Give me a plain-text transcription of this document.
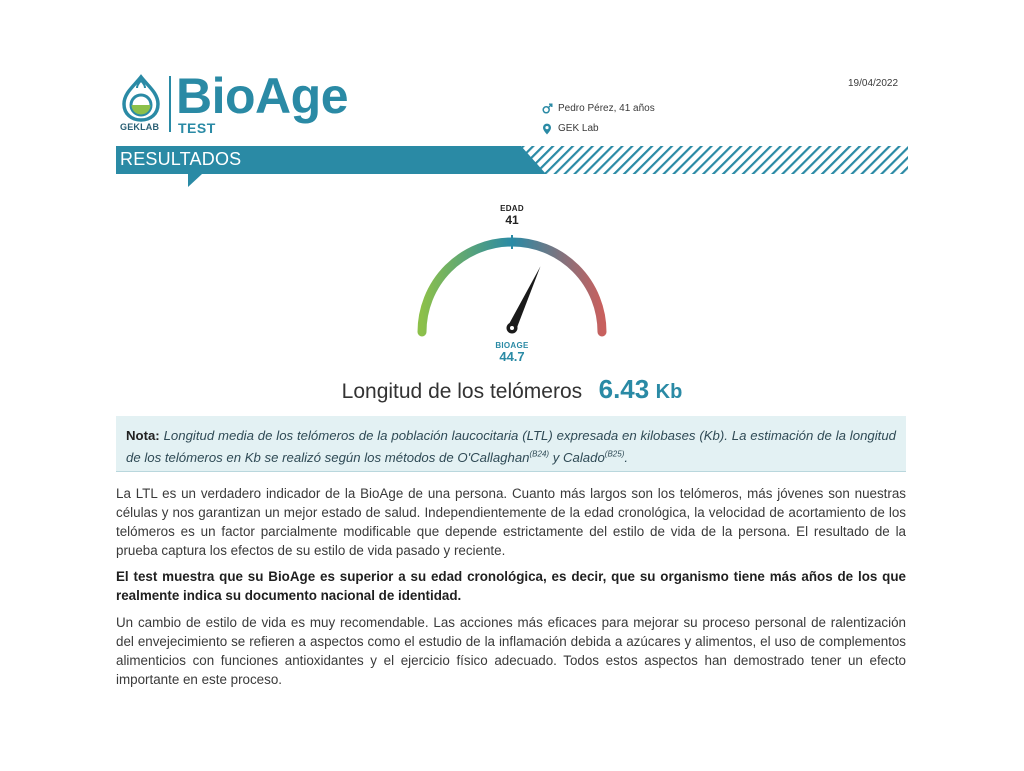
GEKLAB
BioAge
TEST
Pedro Pérez, 41 años
GEK Lab
19/04/2022
RESULTADOS
EDAD
41
BIOAGE
44.7
Longitud de los telómeros 6.43 Kb
Nota: Longitud media de los telómeros de la población laucocitaria (LTL) expresada en kilobases (Kb). La estimación de la longitud de los telómeros en Kb se realizó según los métodos de O'Callaghan$^{(B24)}$ y Calado$^{(B25)}$.

La LTL es un verdadero indicador de la BioAge de una persona. Cuanto más largos son los telómeros, más jóvenes son nuestras células y nos garantizan un mejor estado de salud. Independientemente de la edad cronológica, la velocidad de acortamiento de los telómeros es un factor parcialmente modificable que depende estrictamente del estilo de vida de la persona. El resultado de la prueba captura los efectos de su estilo de vida pasado y reciente.

El test muestra que su BioAge es superior a su edad cronológica, es decir, que su organismo tiene más años de los que realmente indica su documento nacional de identidad.

Un cambio de estilo de vida es muy recomendable. Las acciones más eficaces para mejorar su proceso personal de ralentización del envejecimiento se refieren a aspectos como el estudio de la inflamación debida a azúcares y alimentos, el uso de complementos alimenticios con funciones antioxidantes y el ejercicio físico adecuado. Todos estos aspectos han demostrado tener un efecto importante en este proceso.
